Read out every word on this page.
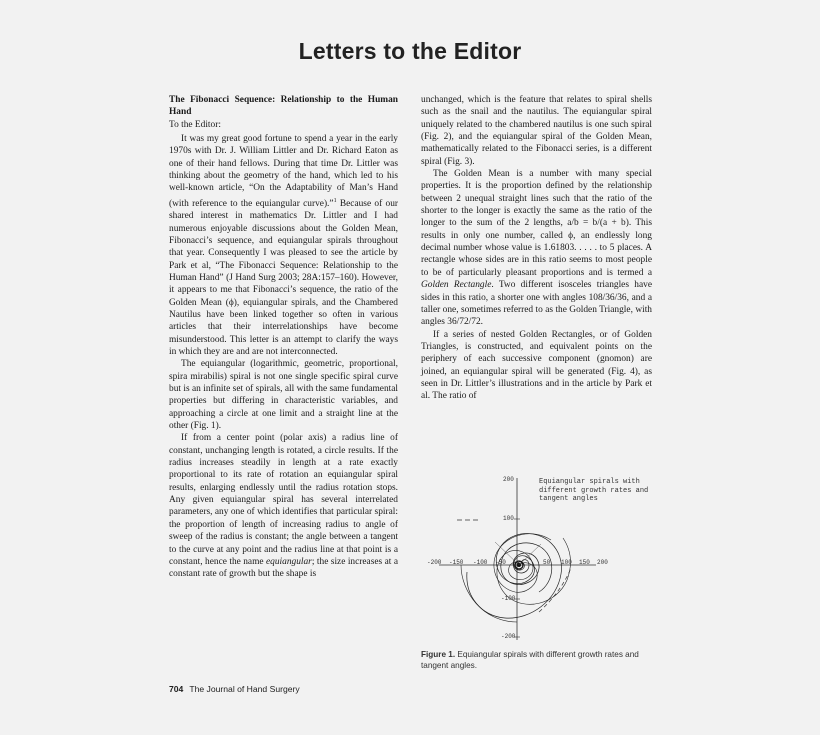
Letters to the Editor

The Fibonacci Sequence: Relationship to the Human Hand

To the Editor:

It was my great good fortune to spend a year in the early 1970s with Dr. J. William Littler and Dr. Richard Eaton as one of their hand fellows. During that time Dr. Littler was thinking about the geometry of the hand, which led to his well-known article, “On the Adaptability of Man’s Hand (with reference to the equiangular curve).”$^1$ Because of our shared interest in mathematics Dr. Littler and I had numerous enjoyable discussions about the Golden Mean, Fibonacci’s sequence, and equiangular spirals throughout that year. Consequently I was pleased to see the article by Park et al, “The Fibonacci Sequence: Relationship to the Human Hand” (J Hand Surg 2003; 28A:157–160). However, it appears to me that Fibonacci’s sequence, the ratio of the Golden Mean (ϕ), equiangular spirals, and the Chambered Nautilus have been linked together so often in various articles that their interrelationships have become misunderstood. This letter is an attempt to clarify the ways in which they are and are not interconnected.

The equiangular (logarithmic, geometric, proportional, spira mirabilis) spiral is not one single specific spiral curve but is an infinite set of spirals, all with the same fundamental properties but differing in characteristic variables, and approaching a circle at one limit and a straight line at the other (Fig. 1).

If from a center point (polar axis) a radius line of constant, unchanging length is rotated, a circle results. If the radius increases steadily in length at a rate exactly proportional to its rate of rotation an equiangular spiral results, enlarging endlessly until the radius rotation stops. Any given equiangular spiral has several interrelated parameters, any one of which identifies that particular spiral: the proportion of length of increasing radius to angle of sweep of the radius is constant; the angle between a tangent to the curve at any point and the radius line at that point is a constant, hence the name equiangular; the size increases at a constant rate of growth but the shape is

unchanged, which is the feature that relates to spiral shells such as the snail and the nautilus. The equiangular spiral uniquely related to the chambered nautilus is one such spiral (Fig. 2), and the equiangular spiral of the Golden Mean, mathematically related to the Fibonacci series, is a different spiral (Fig. 3).

The Golden Mean is a number with many special properties. It is the proportion defined by the relationship between 2 unequal straight lines such that the ratio of the shorter to the longer is exactly the same as the ratio of the longer to the sum of the 2 lengths, a/b = b/(a + b). This results in only one number, called ϕ, an endlessly long decimal number whose value is 1.61803. . . . . to 5 places. A rectangle whose sides are in this ratio seems to most people to be of particularly pleasant proportions and is termed a Golden Rectangle. Two different isosceles triangles have sides in this ratio, a shorter one with angles 108/36/36, and a taller one, sometimes referred to as the Golden Triangle, with angles 36/72/72.

If a series of nested Golden Rectangles, or of Golden Triangles, is constructed, and equivalent points on the periphery of each successive component (gnomon) are joined, an equiangular spiral will be generated (Fig. 4), as seen in Dr. Littler’s illustrations and in the article by Park et al. The ratio of

Equiangular spirals with different growth rates and tangent angles
200
100
-100
-200
-200 -150 -100 -50	50 100 150 200
Figure 1. Equiangular spirals with different growth rates and tangent angles.
704 The Journal of Hand Surgery
